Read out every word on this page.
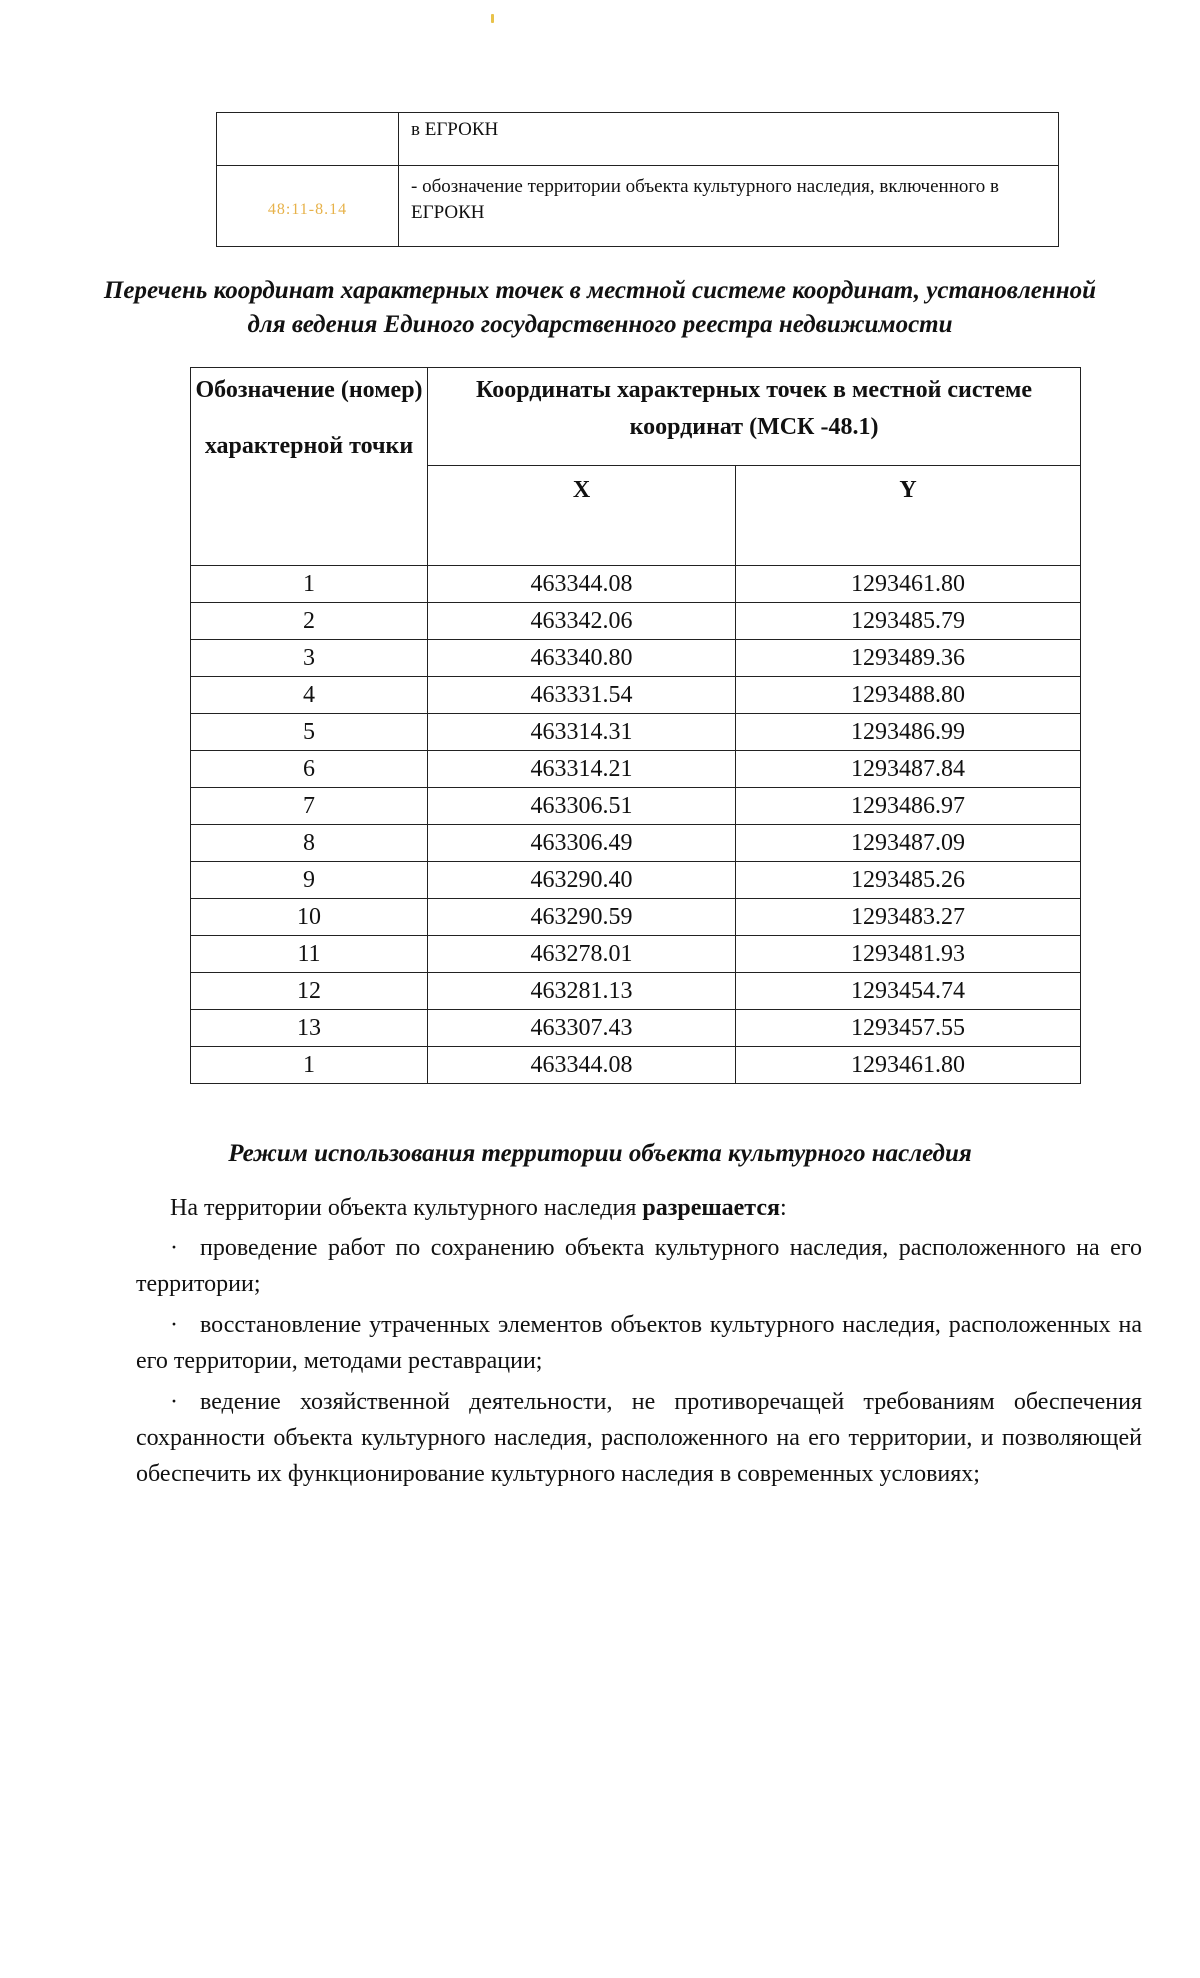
	в ЕГРОКН
48:11-8.14	- обозначение территории объекта культурного наследия, включенного в ЕГРОКН
Перечень координат характерных точек в местной системе координат, установленной для ведения Единого государственного реестра недвижимости
Обозначение (номер)
характерной точки	Координаты характерных точек в местной системе координат (МСК -48.1)	
	X	Y
1	463344.08	1293461.80
2	463342.06	1293485.79
3	463340.80	1293489.36
4	463331.54	1293488.80
5	463314.31	1293486.99
6	463314.21	1293487.84
7	463306.51	1293486.97
8	463306.49	1293487.09
9	463290.40	1293485.26
10	463290.59	1293483.27
11	463278.01	1293481.93
12	463281.13	1293454.74
13	463307.43	1293457.55
1	463344.08	1293461.80
Режим использования территории объекта культурного наследия

На территории объекта культурного наследия разрешается:

· проведение работ по сохранению объекта культурного наследия, расположенного на его территории;

· восстановление утраченных элементов объектов культурного наследия, расположенных на его территории, методами реставрации;

· ведение хозяйственной деятельности, не противоречащей требованиям обеспечения сохранности объекта культурного наследия, расположенного на его территории, и позволяющей обеспечить их функционирование культурного наследия в современных условиях;
